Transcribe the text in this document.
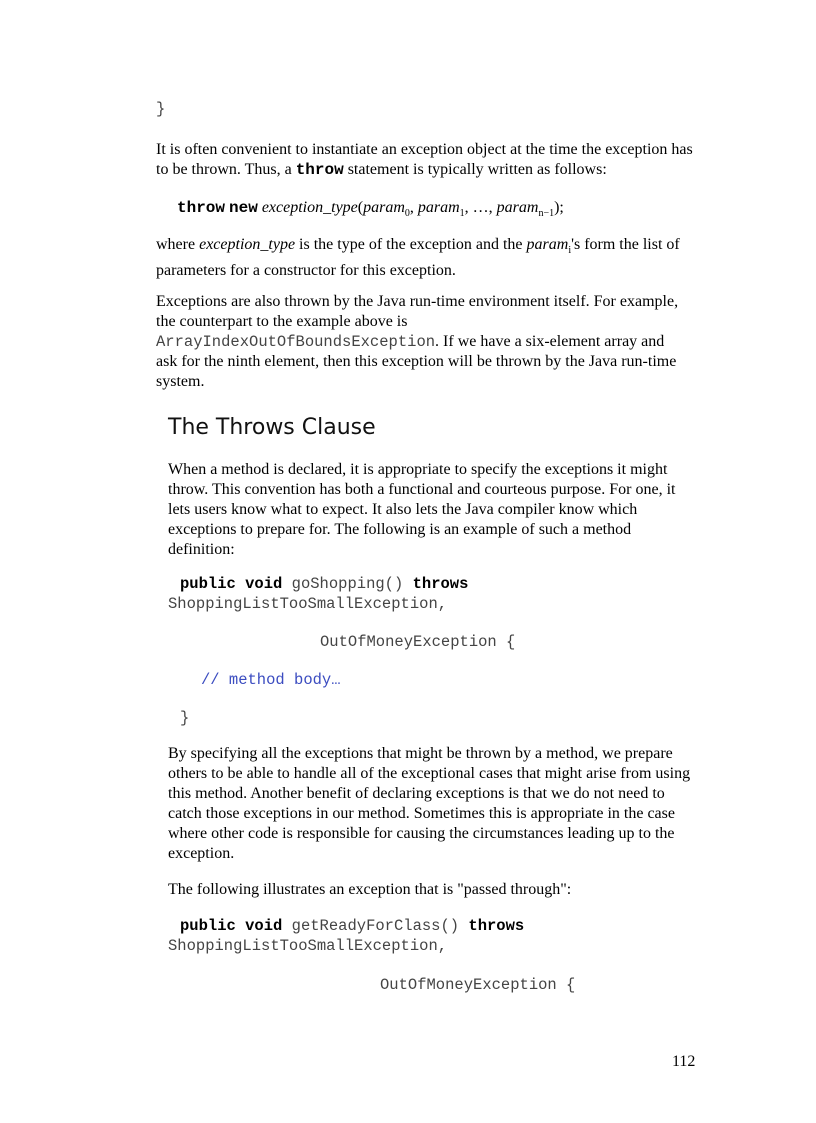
}

It is often convenient to instantiate an exception object at the time the exception has

to be thrown. Thus, a throw statement is typically written as follows:

throw new exception_type(param$_0$, param$_1$, …, param$_{n-1}$);

where exception_type is the type of the exception and the param$_i$'s form the list of

parameters for a constructor for this exception.

Exceptions are also thrown by the Java run-time environment itself. For example,

the counterpart to the example above is

ArrayIndexOutOfBoundsException. If we have a six-element array and

ask for the ninth element, then this exception will be thrown by the Java run-time

system.

The Throws Clause

When a method is declared, it is appropriate to specify the exceptions it might

throw. This convention has both a functional and courteous purpose. For one, it

lets users know what to expect. It also lets the Java compiler know which

exceptions to prepare for. The following is an example of such a method

definition:

public void goShopping() throws
ShoppingListTooSmallException,
OutOfMoneyException {
// method body…
}

By specifying all the exceptions that might be thrown by a method, we prepare

others to be able to handle all of the exceptional cases that might arise from using

this method. Another benefit of declaring exceptions is that we do not need to

catch those exceptions in our method. Sometimes this is appropriate in the case

where other code is responsible for causing the circumstances leading up to the

exception.

The following illustrates an exception that is "passed through":

public void getReadyForClass() throws
ShoppingListTooSmallException,
OutOfMoneyException {
112
